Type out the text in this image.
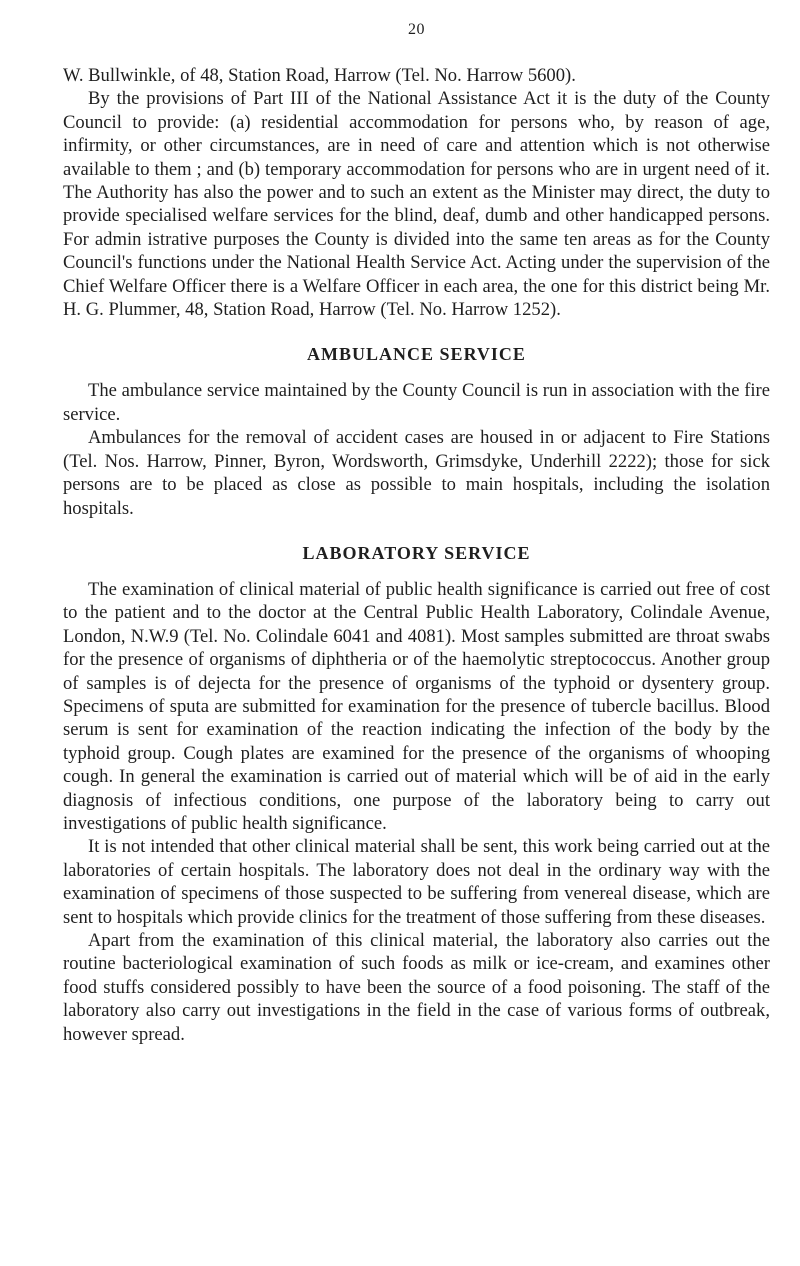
20

W. Bullwinkle, of 48, Station Road, Harrow (Tel. No. Harrow 5600).

By the provisions of Part III of the National Assistance Act it is the duty of the County Council to provide: (a) residential accommodation for persons who, by reason of age, infirmity, or other circumstances, are in need of care and attention which is not otherwise available to them ; and (b) temporary accommodation for persons who are in urgent need of it. The Authority has also the power and to such an extent as the Minister may direct, the duty to provide specialised welfare services for the blind, deaf, dumb and other handicapped persons. For admin istrative purposes the County is divided into the same ten areas as for the County Council's functions under the National Health Service Act. Acting under the supervision of the Chief Welfare Officer there is a Welfare Officer in each area, the one for this district being Mr. H. G. Plummer, 48, Station Road, Harrow (Tel. No. Harrow 1252).

AMBULANCE SERVICE

The ambulance service maintained by the County Council is run in association with the fire service.

Ambulances for the removal of accident cases are housed in or adjacent to Fire Stations (Tel. Nos. Harrow, Pinner, Byron, Wordsworth, Grimsdyke, Underhill 2222); those for sick persons are to be placed as close as possible to main hospitals, including the isolation hospitals.

LABORATORY SERVICE

The examination of clinical material of public health significance is carried out free of cost to the patient and to the doctor at the Central Public Health Laboratory, Colindale Avenue, London, N.W.9 (Tel. No. Colindale 6041 and 4081). Most samples submitted are throat swabs for the presence of organisms of diphtheria or of the haemolytic streptococcus. Another group of samples is of dejecta for the presence of organisms of the typhoid or dysentery group. Specimens of sputa are submitted for examination for the presence of tubercle bacillus. Blood serum is sent for examination of the reaction indicating the infection of the body by the typhoid group. Cough plates are examined for the presence of the organisms of whooping cough. In general the examination is carried out of material which will be of aid in the early diagnosis of infectious conditions, one purpose of the laboratory being to carry out investigations of public health significance.

It is not intended that other clinical material shall be sent, this work being carried out at the laboratories of certain hospitals. The laboratory does not deal in the ordinary way with the examination of specimens of those suspected to be suffering from venereal disease, which are sent to hospitals which provide clinics for the treatment of those suffering from these diseases.

Apart from the examination of this clinical material, the laboratory also carries out the routine bacteriological examination of such foods as milk or ice-cream, and examines other food stuffs considered possibly to have been the source of a food poisoning. The staff of the laboratory also carry out investigations in the field in the case of various forms of outbreak, however spread.
